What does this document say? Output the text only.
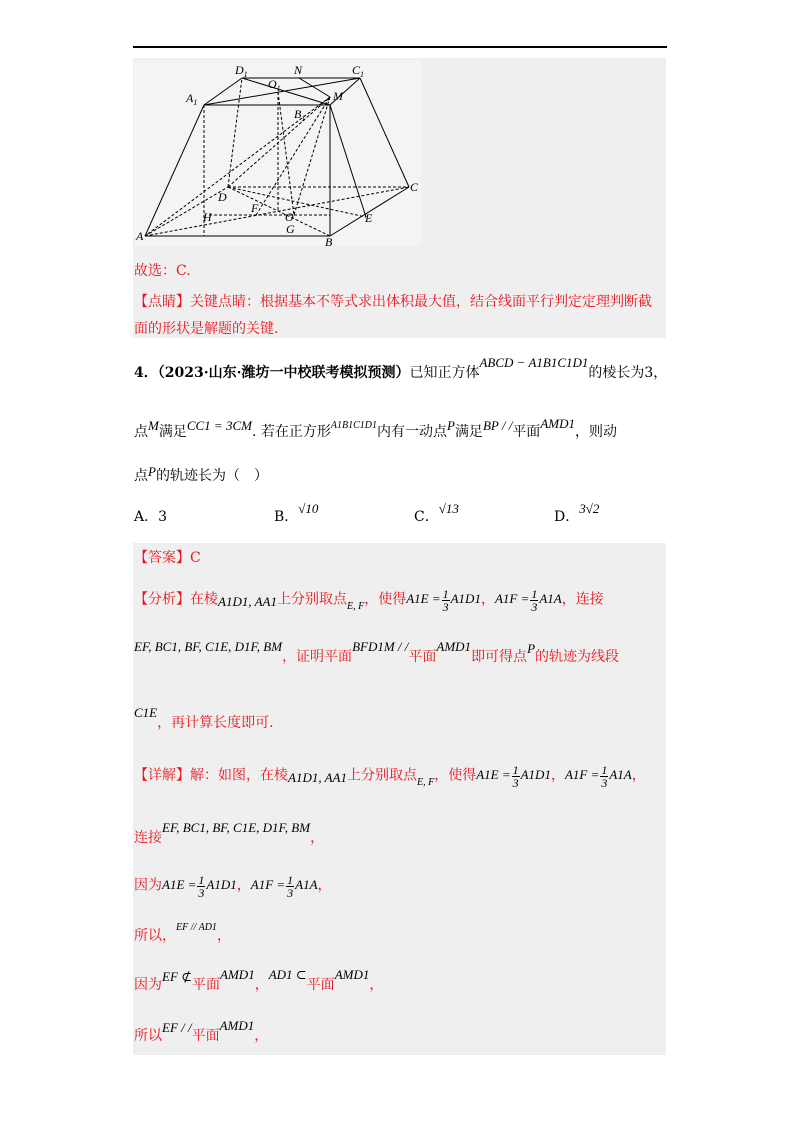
$D_1$
$O_1$
N	$C_1$
$A_1$	M
$B_1$
D
C
H
F
O
G
E
A	B
故选：C.
【点睛】关键点睛：根据基本不等式求出体积最大值，结合线面平行判定定理判断截
面的形状是解题的关键.
4．（2023·山东·潍坊一中校联考模拟预测）已知正方体ABCD − A1B1C1D1的棱长为3，
点M满足CC1 = 3CM. 若在正方形$^{A1B1C1D1}$内有一动点P满足BP / /平面AMD1，则动
点P的轨迹长为（　）
A．3	B．√10
C．√13
D．3√2
【答案】C
【分析】在棱A1D1, AA1上分别取点$_{E, F}$，使得$A1E = \frac{1}{3} A1D1$，$A1F = \frac{1}{3} A1A$，连接
EF, BC1, BF, C1E, D1F, BM，证明平面BFD1M / /平面AMD1即可得点P的轨迹为线段
C1E，再计算长度即可.
【详解】解：如图，在棱A1D1, AA1上分别取点$_{E, F}$，使得$A1E = \frac{1}{3} A1D1$，$A1F = \frac{1}{3} A1A$，
连接EF, BC1, BF, C1E, D1F, BM，
因为$A1E = \frac{1}{3} A1D1$，$A1F = \frac{1}{3} A1A$，
所以，$^{EF // AD1}$，
因为EF ⊄平面AMD1，AD1 ⊂平面AMD1，
所以EF / /平面AMD1，
